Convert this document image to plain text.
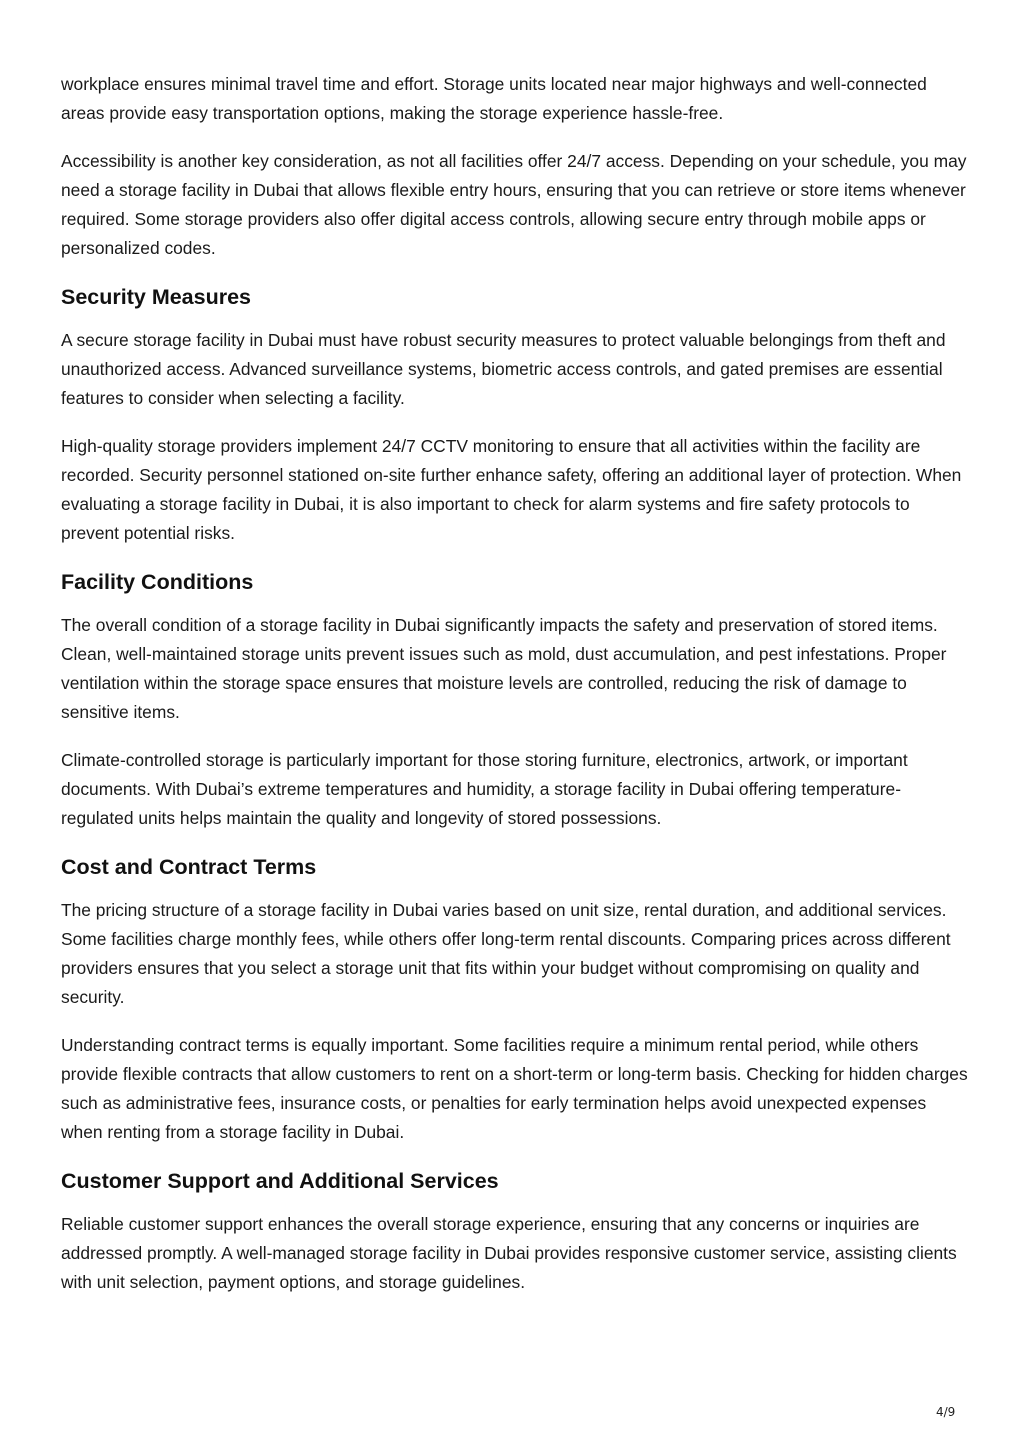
workplace ensures minimal travel time and effort. Storage units located near major highways and well-connected areas provide easy transportation options, making the storage experience hassle-free.

Accessibility is another key consideration, as not all facilities offer 24/7 access. Depending on your schedule, you may need a storage facility in Dubai that allows flexible entry hours, ensuring that you can retrieve or store items whenever required. Some storage providers also offer digital access controls, allowing secure entry through mobile apps or personalized codes.

Security Measures

A secure storage facility in Dubai must have robust security measures to protect valuable belongings from theft and unauthorized access. Advanced surveillance systems, biometric access controls, and gated premises are essential features to consider when selecting a facility.

High-quality storage providers implement 24/7 CCTV monitoring to ensure that all activities within the facility are recorded. Security personnel stationed on-site further enhance safety, offering an additional layer of protection. When evaluating a storage facility in Dubai, it is also important to check for alarm systems and fire safety protocols to prevent potential risks.

Facility Conditions

The overall condition of a storage facility in Dubai significantly impacts the safety and preservation of stored items. Clean, well-maintained storage units prevent issues such as mold, dust accumulation, and pest infestations. Proper ventilation within the storage space ensures that moisture levels are controlled, reducing the risk of damage to sensitive items.

Climate-controlled storage is particularly important for those storing furniture, electronics, artwork, or important documents. With Dubai’s extreme temperatures and humidity, a storage facility in Dubai offering temperature-regulated units helps maintain the quality and longevity of stored possessions.

Cost and Contract Terms

The pricing structure of a storage facility in Dubai varies based on unit size, rental duration, and additional services. Some facilities charge monthly fees, while others offer long-term rental discounts. Comparing prices across different providers ensures that you select a storage unit that fits within your budget without compromising on quality and security.

Understanding contract terms is equally important. Some facilities require a minimum rental period, while others provide flexible contracts that allow customers to rent on a short-term or long-term basis. Checking for hidden charges such as administrative fees, insurance costs, or penalties for early termination helps avoid unexpected expenses when renting from a storage facility in Dubai.

Customer Support and Additional Services

Reliable customer support enhances the overall storage experience, ensuring that any concerns or inquiries are addressed promptly. A well-managed storage facility in Dubai provides responsive customer service, assisting clients with unit selection, payment options, and storage guidelines.

4/9
